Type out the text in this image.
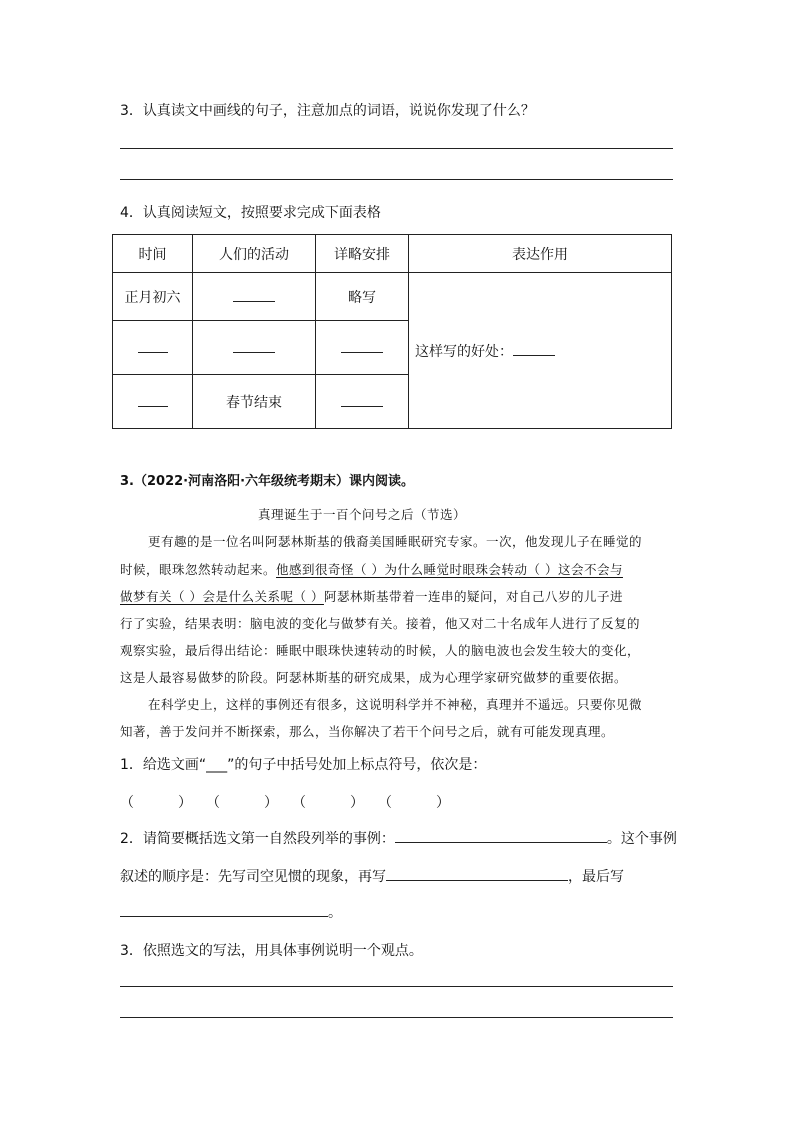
3．认真读文中画线的句子，注意加点的词语，说说你发现了什么？
4．认真阅读短文，按照要求完成下面表格
时间	人们的活动	详略安排	表达作用
正月初六		略写	这样写的好处：

	春节结束		
3.（2022·河南洛阳·六年级统考期末）课内阅读。
真理诞生于一百个问号之后（节选）
更有趣的是一位名叫阿瑟林斯基的俄裔美国睡眠研究专家。一次，他发现儿子在睡觉的
时候，眼珠忽然转动起来。他感到很奇怪（ ）为什么睡觉时眼珠会转动（ ）这会不会与
做梦有关（ ）会是什么关系呢（ ）阿瑟林斯基带着一连串的疑问，对自己八岁的儿子进
行了实验，结果表明：脑电波的变化与做梦有关。接着，他又对二十名成年人进行了反复的
观察实验，最后得出结论：睡眠中眼珠快速转动的时候，人的脑电波也会发生较大的变化，
这是人最容易做梦的阶段。阿瑟林斯基的研究成果，成为心理学家研究做梦的重要依据。
在科学史上，这样的事例还有很多，这说明科学并不神秘，真理并不遥远。只要你见微
知著，善于发问并不断探索，那么，当你解决了若干个问号之后，就有可能发现真理。
1．给选文画“___”的句子中括号处加上标点符号，依次是：
（	） （	） （	） （	）
2．请简要概括选文第一自然段列举的事例：	。这个事例
叙述的顺序是：先写司空见惯的现象，再写	，最后写
。
3．依照选文的写法，用具体事例说明一个观点。
